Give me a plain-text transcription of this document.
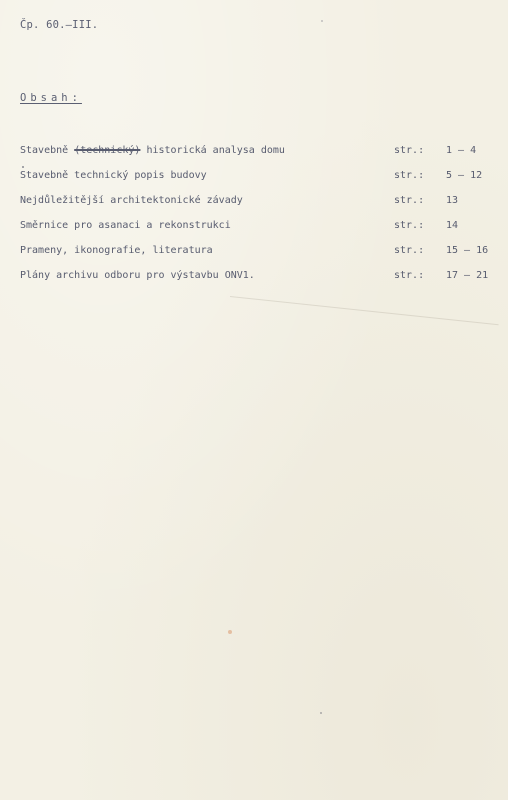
Čp. 60.–III.
Obsah:
Stavebně (technický) historická analysa domu	str.: 1 – 4
Stavebně technický popis budovy	str.: 5 – 12
Nejdůležitější architektonické závady	str.: 13
Směrnice pro asanaci a rekonstrukci	str.: 14
Prameny, ikonografie, literatura	str.: 15 – 16
Plány archivu odboru pro výstavbu ONV1.	str.: 17 – 21
